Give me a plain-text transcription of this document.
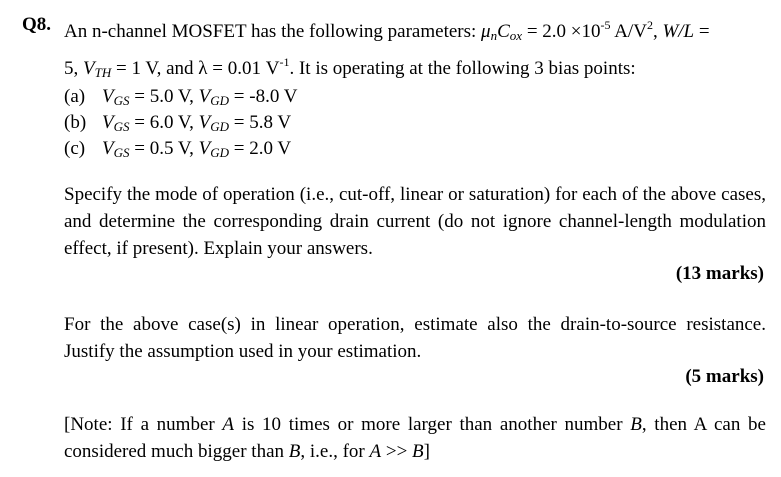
Q8. An n-channel MOSFET has the following parameters: μnCox = $2.0 \times 10^{-5}$ $A/V^2$, W/L =
5, VTH = 1 V, and λ = 0.01 $V^{-1}$. It is operating at the following 3 bias points:
(a) VGS = 5.0 V, VGD = -8.0 V
(b) VGS = 6.0 V, VGD = 5.8 V
(c) VGS = 0.5 V, VGD = 2.0 V
Specify the mode of operation (i.e., cut-off, linear or saturation) for each of the above cases, and determine the corresponding drain current (do not ignore channel-length modulation effect, if present). Explain your answers.
(13 marks)
For the above case(s) in linear operation, estimate also the drain-to-source resistance. Justify the assumption used in your estimation.
(5 marks)
[Note: If a number A is 10 times or more larger than another number B, then A can be considered much bigger than B, i.e., for A >> B]
